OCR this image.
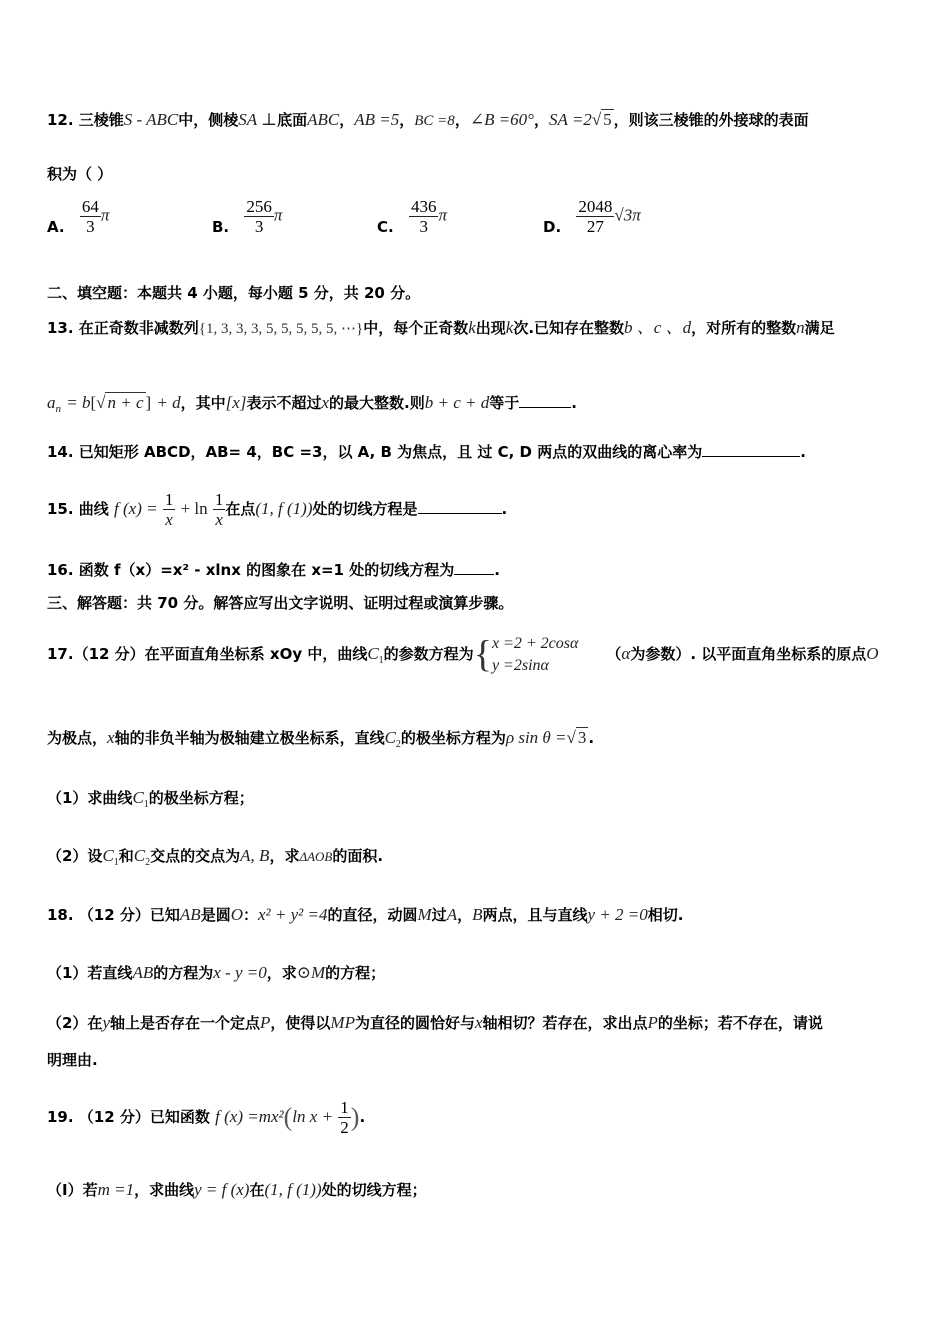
12. 三棱锥S - ABC中，侧棱SA ⊥底面ABC，AB =5，BC =8，∠B =60°，SA =2√ 5 ，则该三棱锥的外接球的表面
积为（ ）
A. $\frac{64}{3}$ π
B. $\frac{256}{3}$ π
C. $\frac{436}{3}$ π
D. $\frac{2048}{27} √3\pi$
二、填空题：本题共 4 小题，每小题 5 分，共 20 分。
13. 在正奇数非减数列{1, 3, 3, 3, 5, 5, 5, 5, 5, ⋯}中，每个正奇数k出现k次.已知存在整数b 、c 、d，对所有的整数n满足
$a_n = b[√$ n + c ] + d，其中[x]表示不超过x的最大整数.则b + c + d等于	.
14. 已知矩形 ABCD，AB= 4，BC =3，以 A, B 为焦点，且 过 C, D 两点的双曲线的离心率为	.
15. 曲线 f $(x) = \frac{1}{x} + \ln \frac{1}{x}$ 在点(1, f (1))处的切线方程是	.
16. 函数 f（x）=x² - xlnx 的图象在 x=1 处的切线方程为	.
三、解答题：共 70 分。解答应写出文字说明、证明过程或演算步骤。
17.（12 分）在平面直角坐标系 xOy 中，曲线$C_1$的参数方程为{ x =2 + 2cosα
y =2sinα
（α为参数）. 以平面直角坐标系的原点O
为极点，x轴的非负半轴为极轴建立极坐标系，直线$C_2$的极坐标方程为ρ sin θ =√ 3 .
（1）求曲线$C_1$的极坐标方程；
（2）设$C_1$和$C_2$交点的交点为A, B，求ΔAOB的面积.
18. （12 分）已知AB是圆O：x² + y² =4的直径，动圆M过A，B两点，且与直线y + 2 =0相切.
（1）若直线AB的方程为x - y =0，求⊙M的方程；
（2）在y轴上是否存在一个定点P，使得以MP为直径的圆恰好与x轴相切？若存在，求出点P的坐标；若不存在，请说
明理由.
19. （12 分）已知函数 f (x) =mx²(ln $x + \frac{1}{2}$ ).
（Ⅰ）若m =1，求曲线y = f (x)在(1, f (1))处的切线方程；
